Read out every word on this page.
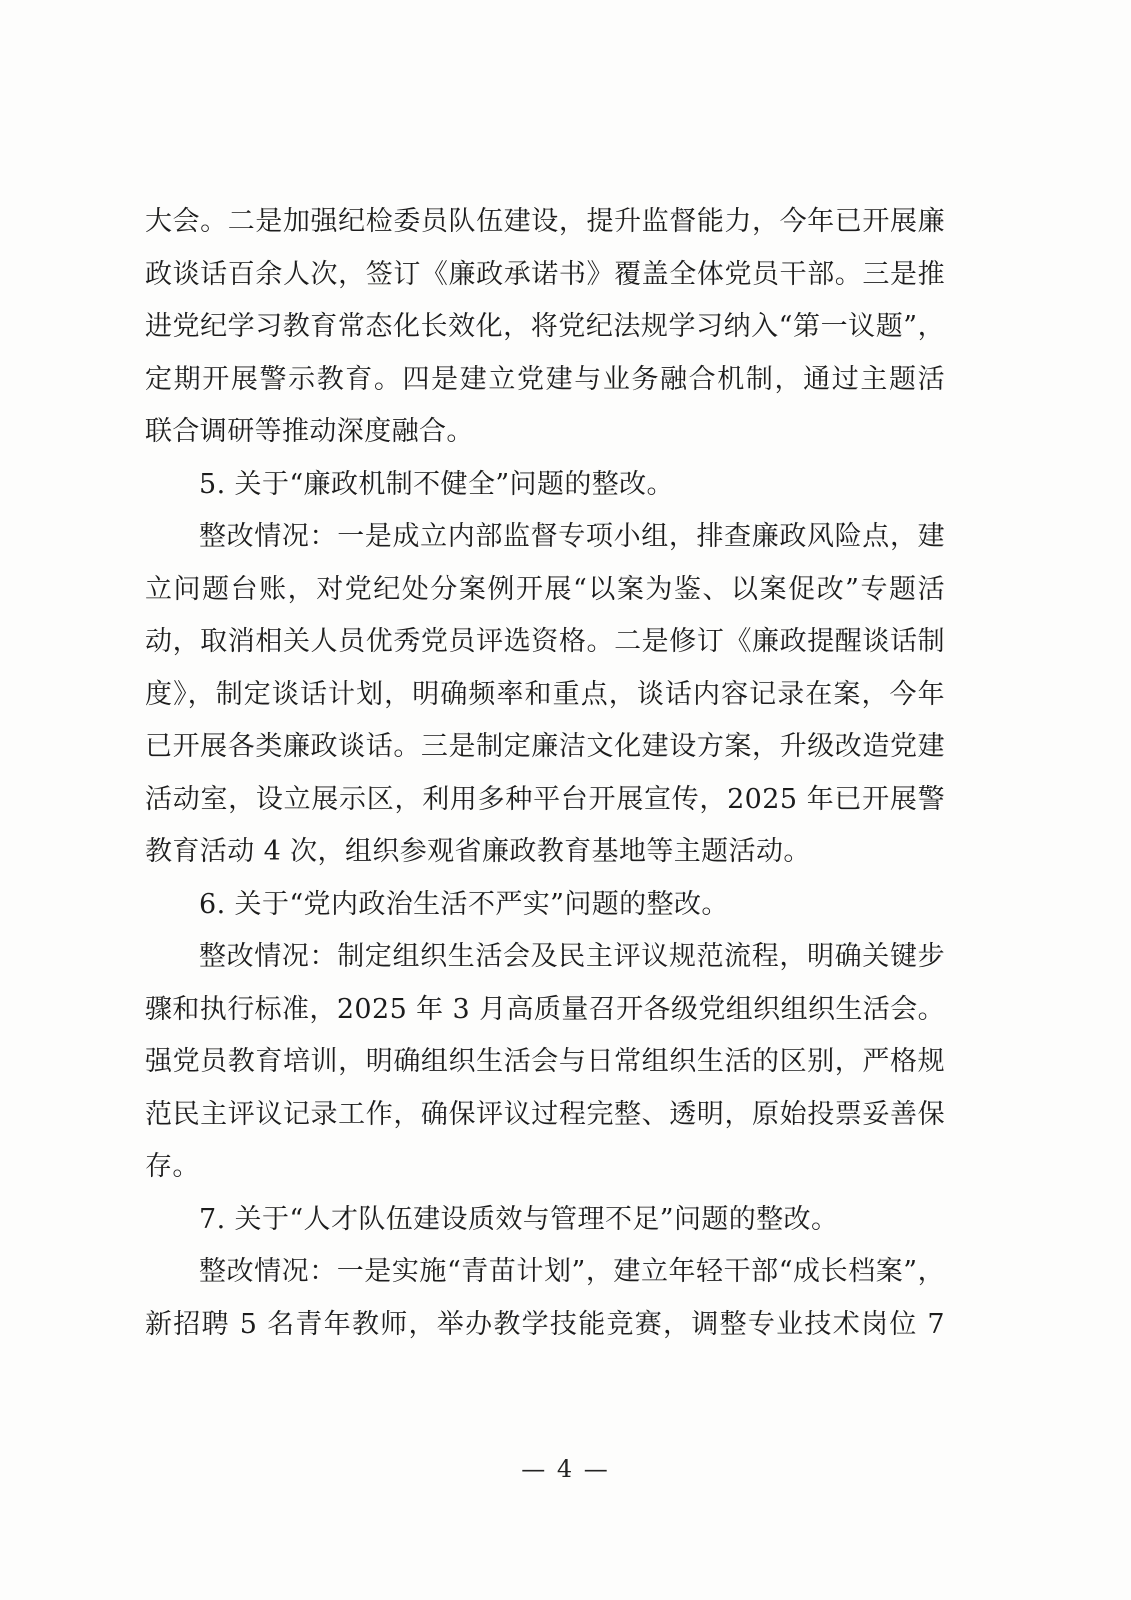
大会。二是加强纪检委员队伍建设，提升监督能力，今年已开展廉
政谈话百余人次，签订《廉政承诺书》覆盖全体党员干部。三是推
进党纪学习教育常态化长效化，将党纪法规学习纳入“第一议题”，
定期开展警示教育。四是建立党建与业务融合机制，通过主题活
联合调研等推动深度融合。
5. 关于“廉政机制不健全”问题的整改。
整改情况：一是成立内部监督专项小组，排查廉政风险点，建
立问题台账，对党纪处分案例开展“以案为鉴、以案促改”专题活
动，取消相关人员优秀党员评选资格。二是修订《廉政提醒谈话制
度》，制定谈话计划，明确频率和重点，谈话内容记录在案，今年
已开展各类廉政谈话。三是制定廉洁文化建设方案，升级改造党建
活动室，设立展示区，利用多种平台开展宣传，2025 年已开展警
教育活动 4 次，组织参观省廉政教育基地等主题活动。
6. 关于“党内政治生活不严实”问题的整改。
整改情况：制定组织生活会及民主评议规范流程，明确关键步
骤和执行标准，2025 年 3 月高质量召开各级党组织组织生活会。
强党员教育培训，明确组织生活会与日常组织生活的区别，严格规
范民主评议记录工作，确保评议过程完整、透明，原始投票妥善保
存。
7. 关于“人才队伍建设质效与管理不足”问题的整改。
整改情况：一是实施“青苗计划”，建立年轻干部“成长档案”，
新招聘 5 名青年教师，举办教学技能竞赛，调整专业技术岗位 7
— 4 —
